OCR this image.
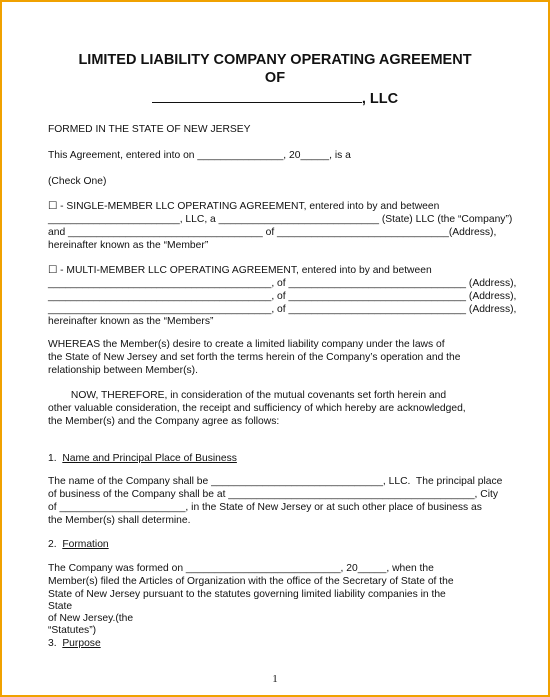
LIMITED LIABILITY COMPANY OPERATING AGREEMENT
OF
, LLC
FORMED IN THE STATE OF NEW JERSEY
This Agreement, entered into on _______________, 20_____, is a
(Check One)
☐ - SINGLE-MEMBER LLC OPERATING AGREEMENT, entered into by and between
_______________________, LLC, a ____________________________ (State) LLC (the “Company”)
and __________________________________ of ______________________________(Address),
hereinafter known as the “Member”
☐ - MULTI-MEMBER LLC OPERATING AGREEMENT, entered into by and between
_______________________________________, of _______________________________ (Address),
_______________________________________, of _______________________________ (Address),
_______________________________________, of _______________________________ (Address),
hereinafter known as the “Members”
WHEREAS the Member(s) desire to create a limited liability company under the laws of
the State of New Jersey and set forth the terms herein of the Company’s operation and the
relationship between Member(s).
NOW, THEREFORE, in consideration of the mutual covenants set forth herein and
other valuable consideration, the receipt and sufficiency of which hereby are acknowledged,
the Member(s) and the Company agree as follows:
1.  Name and Principal Place of Business
The name of the Company shall be ______________________________, LLC.  The principal place
of business of the Company shall be at ___________________________________________, City
of ______________________, in the State of New Jersey or at such other place of business as
the Member(s) shall determine.
2.  Formation
The Company was formed on ___________________________, 20_____, when the
Member(s) filed the Articles of Organization with the office of the Secretary of State of the
State of New Jersey pursuant to the statutes governing limited liability companies in the
State
of New Jersey.(the
“Statutes”)
3.  Purpose
1
